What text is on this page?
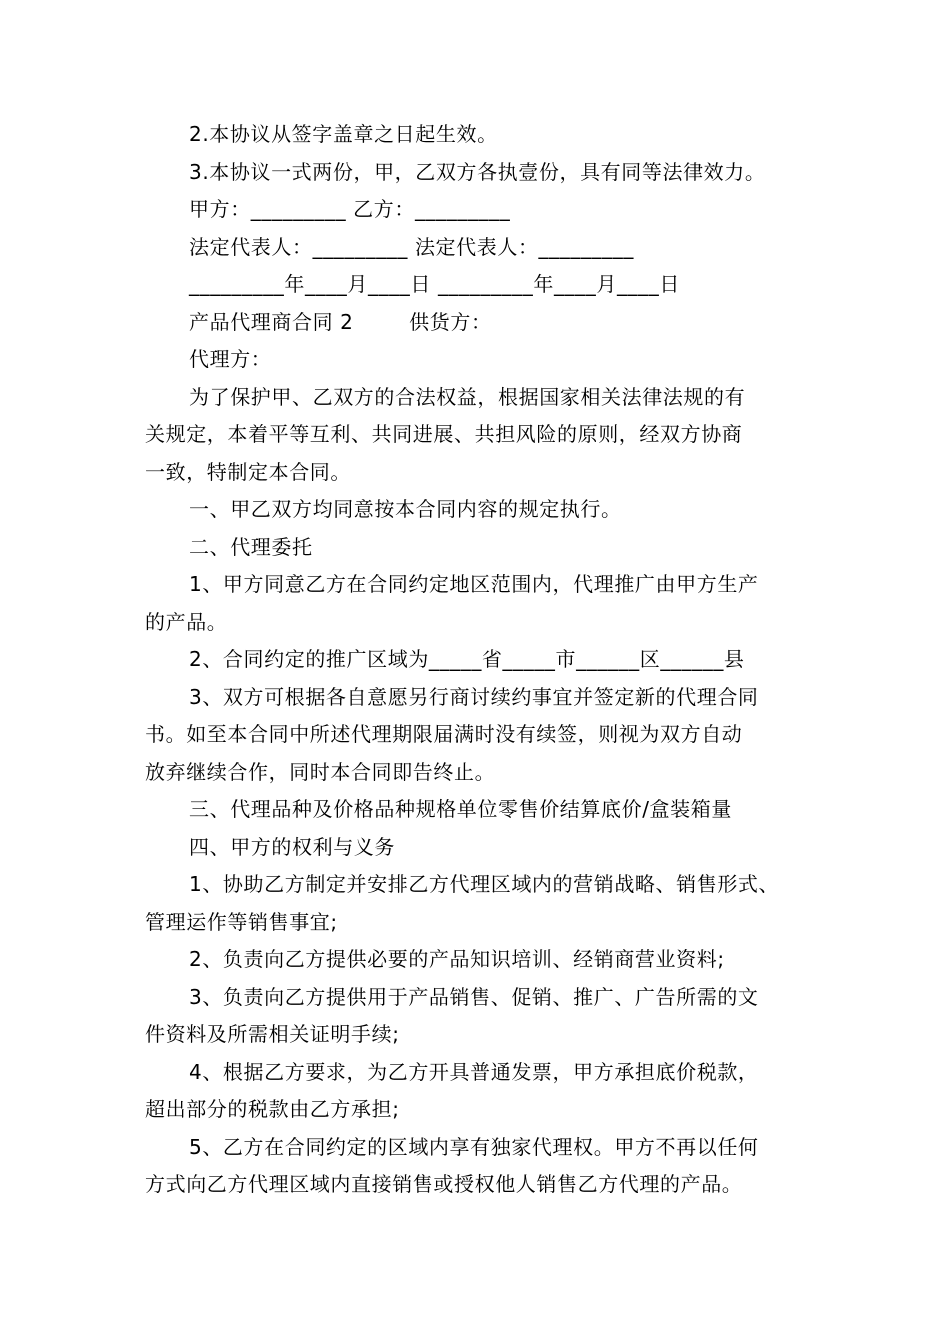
2.本协议从签字盖章之日起生效。
3.本协议一式两份，甲，乙双方各执壹份，具有同等法律效力。
甲方：_________ 乙方：_________
法定代表人：_________ 法定代表人：_________
_________年____月____日 _________年____月____日
产品代理商合同 2        供货方：
代理方：
为了保护甲、乙双方的合法权益，根据国家相关法律法规的有
关规定，本着平等互利、共同进展、共担风险的原则，经双方协商
一致，特制定本合同。
一、甲乙双方均同意按本合同内容的规定执行。
二、代理委托
1、甲方同意乙方在合同约定地区范围内，代理推广由甲方生产
的产品。
2、合同约定的推广区域为_____省_____市______区______县
3、双方可根据各自意愿另行商讨续约事宜并签定新的代理合同
书。如至本合同中所述代理期限届满时没有续签，则视为双方自动
放弃继续合作，同时本合同即告终止。
三、代理品种及价格品种规格单位零售价结算底价/盒装箱量
四、甲方的权利与义务
1、协助乙方制定并安排乙方代理区域内的营销战略、销售形式、
管理运作等销售事宜;
2、负责向乙方提供必要的产品知识培训、经销商营业资料;
3、负责向乙方提供用于产品销售、促销、推广、广告所需的文
件资料及所需相关证明手续;
4、根据乙方要求，为乙方开具普通发票，甲方承担底价税款，
超出部分的税款由乙方承担;
5、乙方在合同约定的区域内享有独家代理权。甲方不再以任何
方式向乙方代理区域内直接销售或授权他人销售乙方代理的产品。
